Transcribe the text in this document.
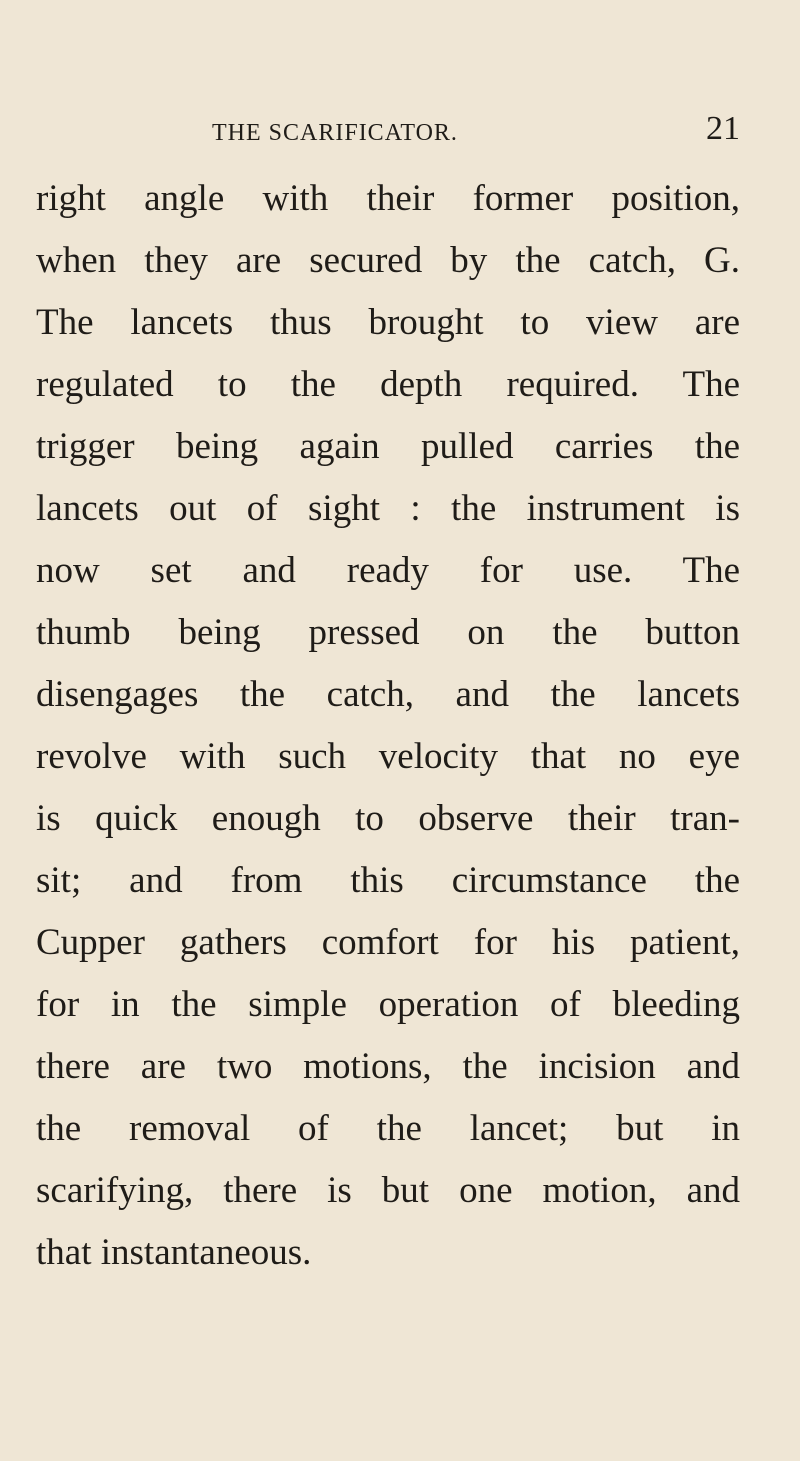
THE SCARIFICATOR.	21
right angle with their former position,
when they are secured by the catch, G.
The lancets thus brought to view are
regulated to the depth required. The
trigger being again pulled carries the
lancets out of sight : the instrument is
now set and ready for use. The
thumb being pressed on the button
disengages the catch, and the lancets
revolve with such velocity that no eye
is quick enough to observe their tran-
sit; and from this circumstance the
Cupper gathers comfort for his patient,
for in the simple operation of bleeding
there are two motions, the incision and
the removal of the lancet; but in
scarifying, there is but one motion, and
that instantaneous.
